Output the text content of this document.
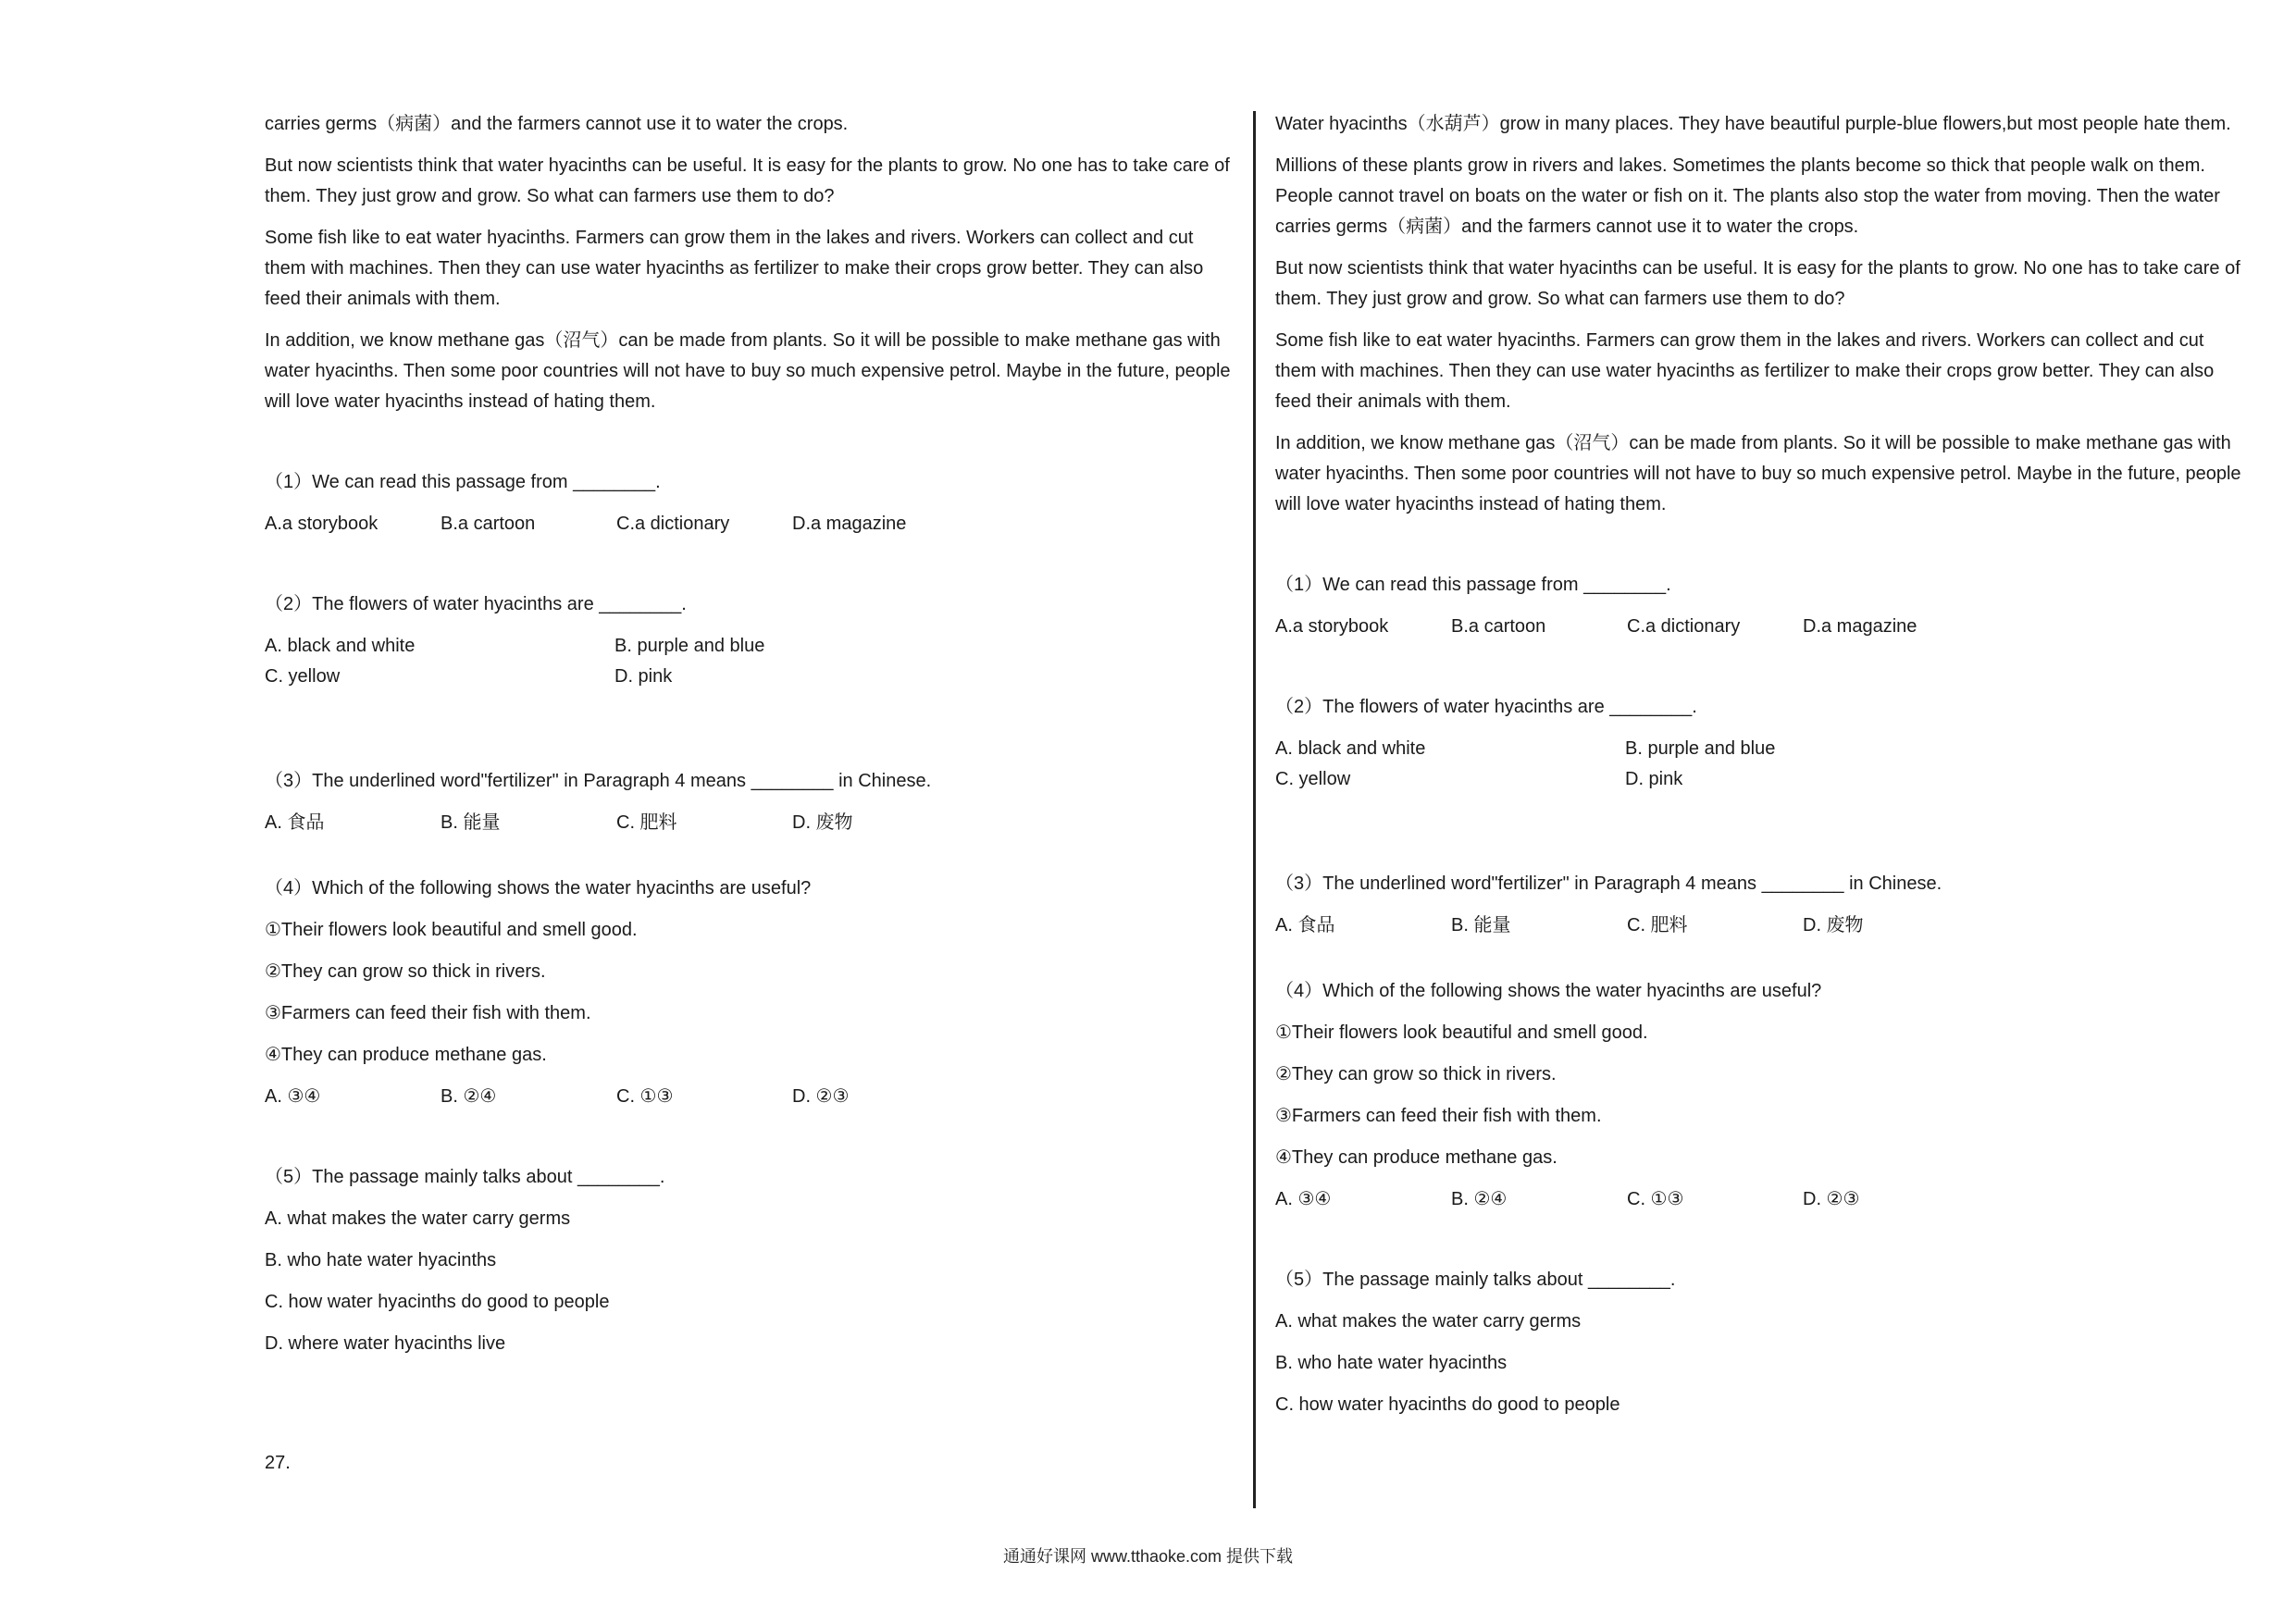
carries germs（病菌）and the farmers cannot use it to water the crops.

But now scientists think that water hyacinths can be useful. It is easy for the plants to grow. No one has to take care of them. They just grow and grow. So what can farmers use them to do?

Some fish like to eat water hyacinths. Farmers can grow them in the lakes and rivers. Workers can collect and cut them with machines. Then they can use water hyacinths as fertilizer to make their crops grow better. They can also feed their animals with them.

In addition, we know methane gas（沼气）can be made from plants. So it will be possible to make methane gas with water hyacinths. Then some poor countries will not have to buy so much expensive petrol. Maybe in the future, people will love water hyacinths instead of hating them.

（1）We can read this passage from ________.
A.a storybook	B.a cartoon	C.a dictionary	D.a magazine
（2）The flowers of water hyacinths are ________.
A. black and white	B. purple and blue
C. yellow	D. pink
（3）The underlined word"fertilizer" in Paragraph 4 means ________ in Chinese.
A. 食品	B. 能量	C. 肥料	D. 废物
（4）Which of the following shows the water hyacinths are useful?
①Their flowers look beautiful and smell good.
②They can grow so thick in rivers.
③Farmers can feed their fish with them.
④They can produce methane gas.
A. ③④	B. ②④	C. ①③	D. ②③
（5）The passage mainly talks about ________.
A. what makes the water carry germs
B. who hate water hyacinths
C. how water hyacinths do good to people
D. where water hyacinths live
27.

Water hyacinths（水葫芦）grow in many places. They have beautiful purple-blue flowers,but most people hate them.

Millions of these plants grow in rivers and lakes. Sometimes the plants become so thick that people walk on them. People cannot travel on boats on the water or fish on it. The plants also stop the water from moving. Then the water carries germs（病菌）and the farmers cannot use it to water the crops.

But now scientists think that water hyacinths can be useful. It is easy for the plants to grow. No one has to take care of them. They just grow and grow. So what can farmers use them to do?

Some fish like to eat water hyacinths. Farmers can grow them in the lakes and rivers. Workers can collect and cut them with machines. Then they can use water hyacinths as fertilizer to make their crops grow better. They can also feed their animals with them.

In addition, we know methane gas（沼气）can be made from plants. So it will be possible to make methane gas with water hyacinths. Then some poor countries will not have to buy so much expensive petrol. Maybe in the future, people will love water hyacinths instead of hating them.

（1）We can read this passage from ________.
A.a storybook	B.a cartoon	C.a dictionary	D.a magazine
（2）The flowers of water hyacinths are ________.
A. black and white	B. purple and blue
C. yellow	D. pink
（3）The underlined word"fertilizer" in Paragraph 4 means ________ in Chinese.
A. 食品	B. 能量	C. 肥料	D. 废物
（4）Which of the following shows the water hyacinths are useful?
①Their flowers look beautiful and smell good.
②They can grow so thick in rivers.
③Farmers can feed their fish with them.
④They can produce methane gas.
A. ③④	B. ②④	C. ①③	D. ②③
（5）The passage mainly talks about ________.
A. what makes the water carry germs
B. who hate water hyacinths
C. how water hyacinths do good to people
通通好课网 www.tthaoke.com 提供下载
